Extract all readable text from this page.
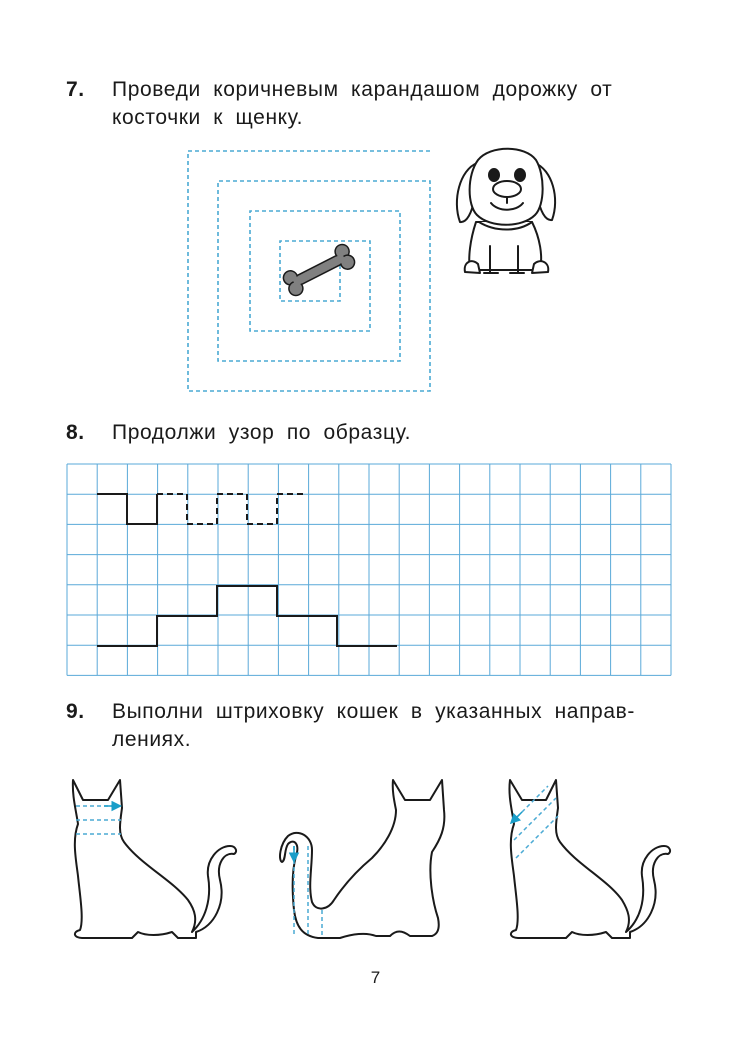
7. Проведи коричневым карандашом дорожку от
косточки к щенку.
8. Продолжи узор по образцу.
9. Выполни штриховку кошек в указанных направ-
лениях.
7
